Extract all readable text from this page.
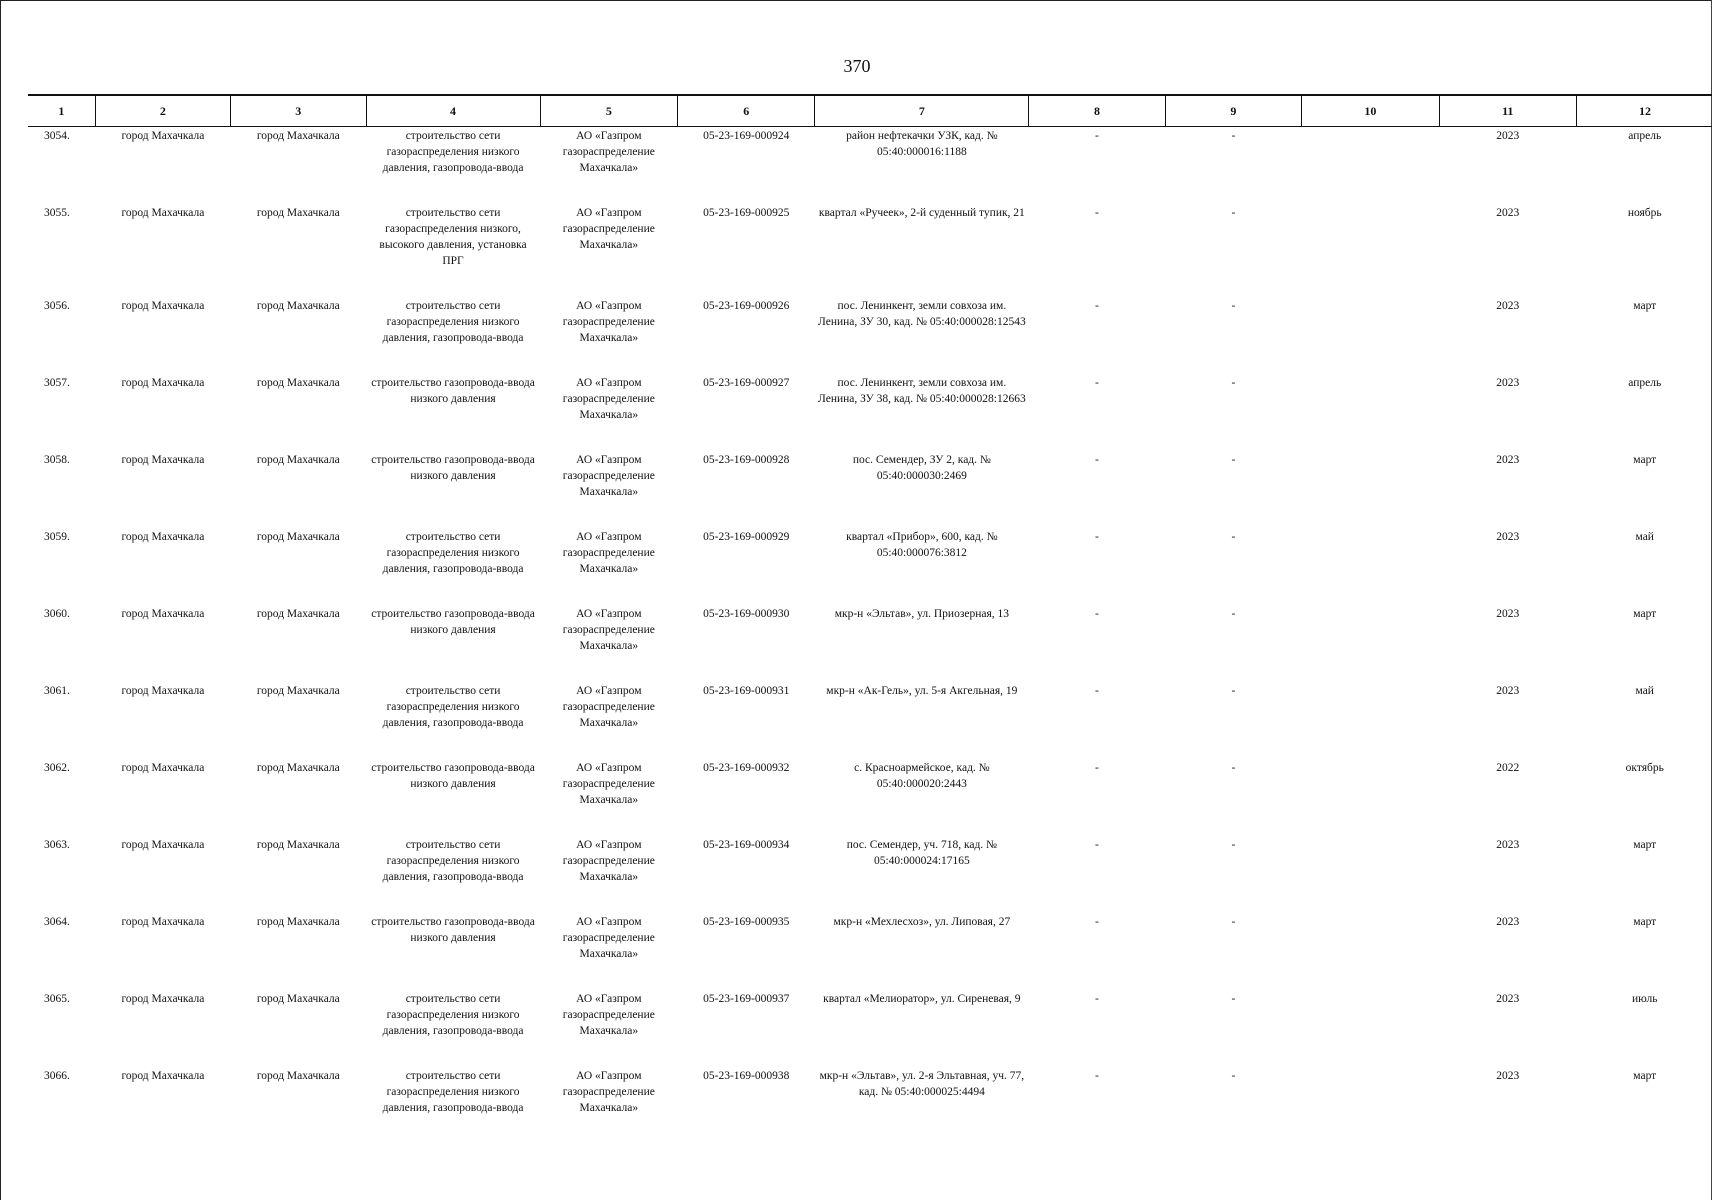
370
1	2	3	4	5	6	7	8	9	10	11	12
3054.	город Махачкала	город Махачкала	строительство сети газораспределения низкого давления, газопровода-ввода	АО «Газпром газораспределение Махачкала»	05-23-169-000924	район нефтекачки УЗК, кад. № 05:40:000016:1188	-	-		2023	апрель
3055.	город Махачкала	город Махачкала	строительство сети газораспределения низкого, высокого давления, установка ПРГ	АО «Газпром газораспределение Махачкала»	05-23-169-000925	квартал «Ручеек», 2-й суденный тупик, 21	-	-		2023	ноябрь
3056.	город Махачкала	город Махачкала	строительство сети газораспределения низкого давления, газопровода-ввода	АО «Газпром газораспределение Махачкала»	05-23-169-000926	пос. Ленинкент, земли совхоза им. Ленина, ЗУ 30, кад. № 05:40:000028:12543	-	-		2023	март
3057.	город Махачкала	город Махачкала	строительство газопровода-ввода низкого давления	АО «Газпром газораспределение Махачкала»	05-23-169-000927	пос. Ленинкент, земли совхоза им. Ленина, ЗУ 38, кад. № 05:40:000028:12663	-	-		2023	апрель
3058.	город Махачкала	город Махачкала	строительство газопровода-ввода низкого давления	АО «Газпром газораспределение Махачкала»	05-23-169-000928	пос. Семендер, ЗУ 2, кад. № 05:40:000030:2469	-	-		2023	март
3059.	город Махачкала	город Махачкала	строительство сети газораспределения низкого давления, газопровода-ввода	АО «Газпром газораспределение Махачкала»	05-23-169-000929	квартал «Прибор», 600, кад. № 05:40:000076:3812	-	-		2023	май
3060.	город Махачкала	город Махачкала	строительство газопровода-ввода низкого давления	АО «Газпром газораспределение Махачкала»	05-23-169-000930	мкр-н «Эльтав», ул. Приозерная, 13	-	-		2023	март
3061.	город Махачкала	город Махачкала	строительство сети газораспределения низкого давления, газопровода-ввода	АО «Газпром газораспределение Махачкала»	05-23-169-000931	мкр-н «Ак-Гель», ул. 5-я Акгельная, 19	-	-		2023	май
3062.	город Махачкала	город Махачкала	строительство газопровода-ввода низкого давления	АО «Газпром газораспределение Махачкала»	05-23-169-000932	с. Красноармейское, кад. № 05:40:000020:2443	-	-		2022	октябрь
3063.	город Махачкала	город Махачкала	строительство сети газораспределения низкого давления, газопровода-ввода	АО «Газпром газораспределение Махачкала»	05-23-169-000934	пос. Семендер, уч. 718, кад. № 05:40:000024:17165	-	-		2023	март
3064.	город Махачкала	город Махачкала	строительство газопровода-ввода низкого давления	АО «Газпром газораспределение Махачкала»	05-23-169-000935	мкр-н «Мехлесхоз», ул. Липовая, 27	-	-		2023	март
3065.	город Махачкала	город Махачкала	строительство сети газораспределения низкого давления, газопровода-ввода	АО «Газпром газораспределение Махачкала»	05-23-169-000937	квартал «Мелиоратор», ул. Сиреневая, 9	-	-		2023	июль
3066.	город Махачкала	город Махачкала	строительство сети газораспределения низкого давления, газопровода-ввода	АО «Газпром газораспределение Махачкала»	05-23-169-000938	мкр-н «Эльтав», ул. 2-я Эльтавная, уч. 77, кад. № 05:40:000025:4494	-	-		2023	март
